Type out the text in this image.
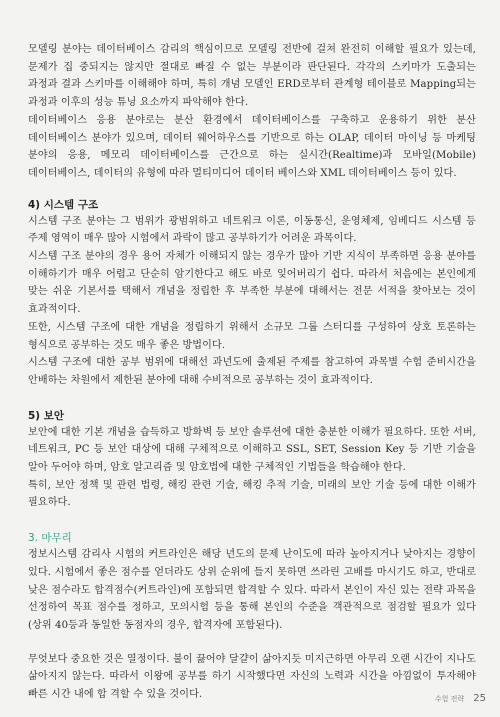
모델링 분야는 데이터베이스 감리의 핵심이므로 모델링 전반에 걸쳐 완전히 이해할 필요가 있는데, 문제가 집 중되지는 않지만 절대로 빠질 수 없는 부분이라 판단된다. 각각의 스키마가 도출되는 과정과 결과 스키마를 이해해야 하며, 특히 개념 모델인 ERD로부터 관계형 테이블로 Mapping되는 과정과 이후의 성능 튜닝 요소까지 파악해야 한다.

데이터베이스 응용 분야로는 분산 환경에서 데이터베이스를 구축하고 운용하기 위한 분산 데이터베이스 분야가 있으며, 데이터 웨어하우스를 기반으로 하는 OLAP, 데이터 마이닝 등 마케팅 분야의 응용, 메모리 데이터베이스를 근간으로 하는 실시간(Realtime)과 모바일(Mobile) 데이터베이스, 데이터의 유형에 따라 멀티미디어 데이터 베이스와 XML 데이터베이스 등이 있다.

4) 시스템 구조

시스템 구조 분야는 그 범위가 광범위하고 네트워크 이론, 이동통신, 운영체제, 임베디드 시스템 등 주제 영역이 매우 많아 시험에서 과락이 많고 공부하기가 어려운 과목이다.

시스템 구조 분야의 경우 용어 자체가 이해되지 않는 경우가 많아 기반 지식이 부족하면 응용 분야를 이해하기가 매우 어렵고 단순히 암기한다고 해도 바로 잊어버리기 쉽다. 따라서 처음에는 본인에게 맞는 쉬운 기본서를 택해서 개념을 정립한 후 부족한 부분에 대해서는 전문 서적을 찾아보는 것이 효과적이다.

또한, 시스템 구조에 대한 개념을 정립하기 위해서 소규모 그룹 스터디를 구성하여 상호 토론하는 형식으로 공부하는 것도 매우 좋은 방법이다.

시스템 구조에 대한 공부 범위에 대해선 과년도에 출제된 주제를 참고하여 과목별 수험 준비시간을 안배하는 차원에서 제한된 분야에 대해 수비적으로 공부하는 것이 효과적이다.

5) 보안

보안에 대한 기본 개념을 습득하고 방화벽 등 보안 솔루션에 대한 충분한 이해가 필요하다. 또한 서버, 네트워크, PC 등 보안 대상에 대해 구체적으로 이해하고 SSL, SET, Session Key 등 기반 기술을 알아 두어야 하며, 암호 알고리즘 및 암호법에 대한 구체적인 기법들을 학습해야 한다.

특히, 보안 정책 및 관련 법령, 해킹 관련 기술, 해킹 추적 기술, 미래의 보안 기술 등에 대한 이해가 필요하다.

3. 마무리

정보시스템 감리사 시험의 커트라인은 해당 년도의 문제 난이도에 따라 높아지거나 낮아지는 경향이 있다. 시험에서 좋은 점수를 얻더라도 상위 순위에 들지 못하면 쓰라린 고배를 마시기도 하고, 반대로 낮은 점수라도 합격점수(커트라인)에 포함되면 합격할 수 있다. 따라서 본인이 자신 있는 전략 과목을 선정하여 목표 점수를 정하고, 모의시험 등을 통해 본인의 수준을 객관적으로 점검할 필요가 있다(상위 40등과 동일한 동점자의 경우, 합격자에 포함된다).

무엇보다 중요한 것은 열정이다. 불이 끓어야 달걀이 삶아지듯 미지근하면 아무리 오랜 시간이 지나도 삶아지지 않는다. 따라서 이왕에 공부를 하기 시작했다면 자신의 노력과 시간을 아낌없이 투자해야 빠른 시간 내에 합 격할 수 있을 것이다.	수험 전략 25
